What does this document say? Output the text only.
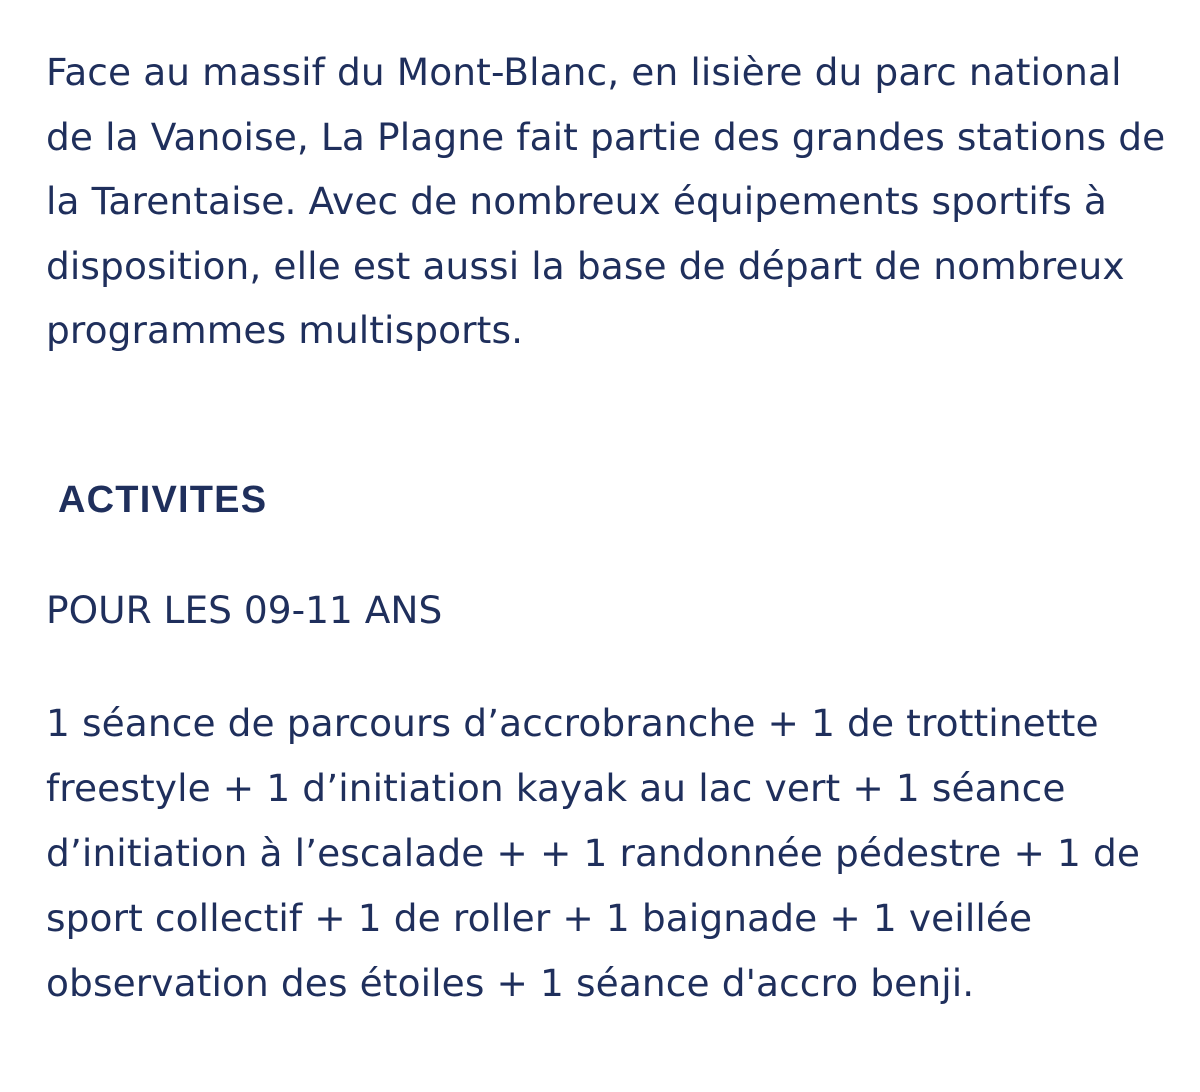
Face au massif du Mont-Blanc, en lisière du parc national de la Vanoise, La Plagne fait partie des grandes stations de la Tarentaise. Avec de nombreux équipements sportifs à disposition, elle est aussi la base de départ de nombreux programmes multisports.

ACTIVITES

POUR LES 09-11 ANS

1 séance de parcours d’accrobranche + 1 de trottinette freestyle + 1 d’initiation kayak au lac vert + 1 séance d’initiation à l’escalade + + 1 randonnée pédestre + 1 de sport collectif + 1 de roller + 1 baignade + 1 veillée observation des étoiles + 1 séance d'accro benji.
